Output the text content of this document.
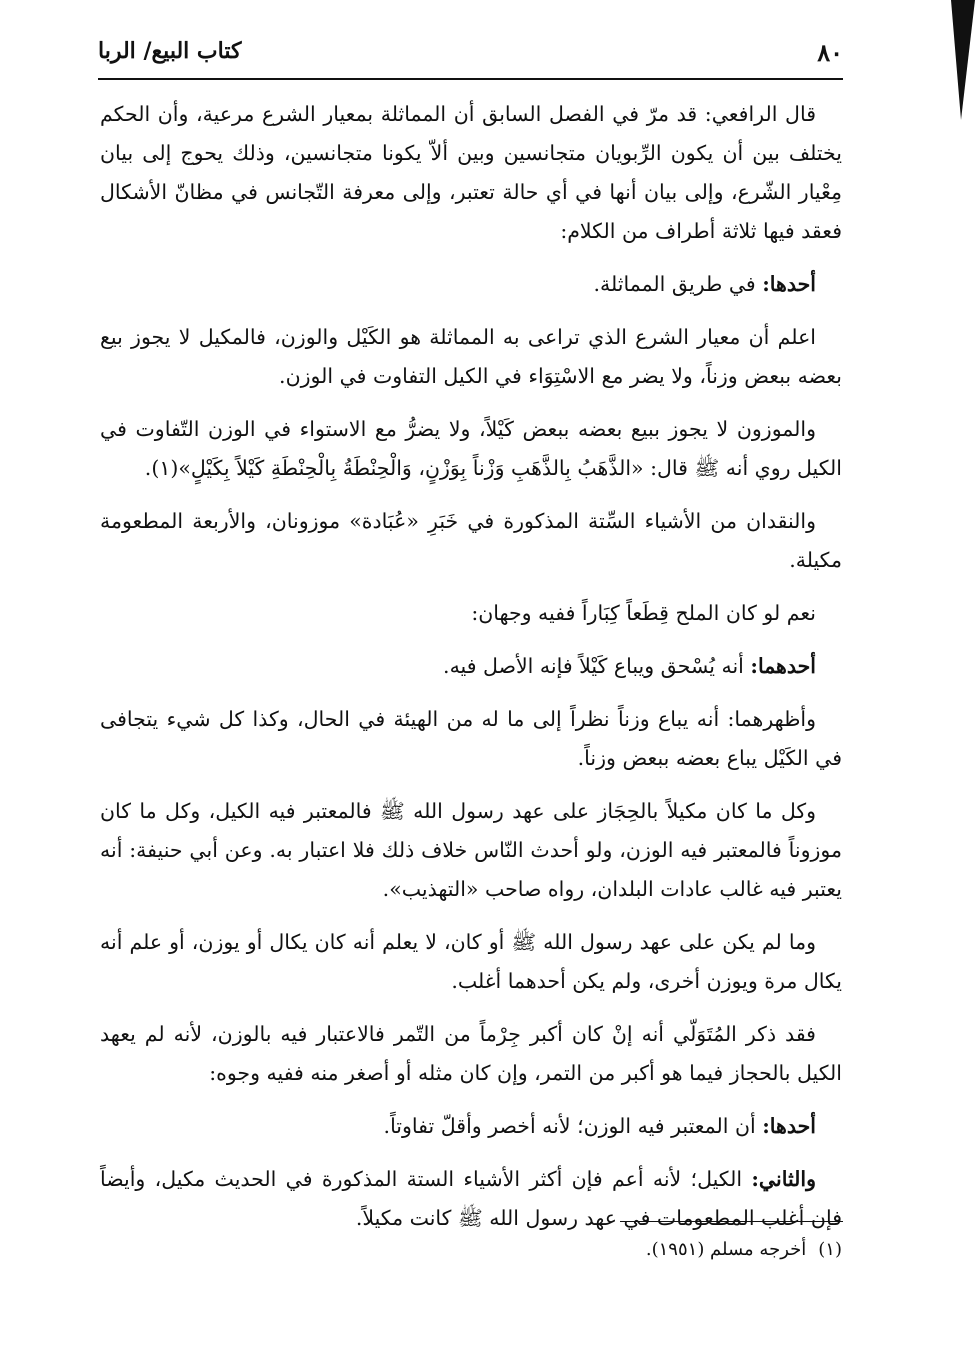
٨٠
كتاب البيع/ الربا

قال الرافعي: قد مرّ في الفصل السابق أن المماثلة بمعيار الشرع مرعية، وأن الحكم يختلف بين أن يكون الرِّبويان متجانسين وبين ألاّ يكونا متجانسين، وذلك يحوج إلى بيان مِعْيار الشّرع، وإلى بيان أنها في أي حالة تعتبر، وإلى معرفة التّجانس في مظانّ الأشكال فعقد فيها ثلاثة أطراف من الكلام:

أحدها: في طريق المماثلة.

اعلم أن معيار الشرع الذي تراعى به المماثلة هو الكَيْل والوزن، فالمكيل لا يجوز بيع بعضه ببعض وزناً، ولا يضر مع الاسْتِوَاء في الكيل التفاوت في الوزن.

والموزون لا يجوز ببيع بعضه ببعض كَيْلاً، ولا يضرُّ مع الاستواء في الوزن التّفاوت في الكيل روي أنه ﷺ قال: «الذَّهَبُ بِالذَّهَبِ وَزْناً بِوَزْنٍ، وَالْحِنْطَةُ بِالْحِنْطَةِ كَيْلاً بِكَيْلٍ»(١).

والنقدان من الأشياء السِّتة المذكورة في خَبَرِ «عُبَادة» موزونان، والأربعة المطعومة مكيلة.

نعم لو كان الملح قِطَعاً كِبَاراً ففيه وجهان:

أحدهما: أنه يُسْحق ويباع كَيْلاً فإنه الأصل فيه.

وأظهرهما: أنه يباع وزناً نظراً إلى ما له من الهيئة في الحال، وكذا كل شيء يتجافى في الكَيْل يباع بعضه ببعض وزناً.

وكل ما كان مكيلاً بالحِجَاز على عهد رسول الله ﷺ فالمعتبر فيه الكيل، وكل ما كان موزوناً فالمعتبر فيه الوزن، ولو أحدث النّاس خلاف ذلك فلا اعتبار به. وعن أبي حنيفة: أنه يعتبر فيه غالب عادات البلدان، رواه صاحب «التهذيب».

وما لم يكن على عهد رسول الله ﷺ أو كان، لا يعلم أنه كان يكال أو يوزن، أو علم أنه يكال مرة ويوزن أخرى، ولم يكن أحدهما أغلب.

فقد ذكر المُتَوَلّي أنه إنْ كان أكبر جِرْماً من التّمر فالاعتبار فيه بالوزن، لأنه لم يعهد الكيل بالحجاز فيما هو أكبر من التمر، وإن كان مثله أو أصغر منه ففيه وجوه:

أحدها: أن المعتبر فيه الوزن؛ لأنه أخصر وأقلّ تفاوتاً.

والثاني: الكيل؛ لأنه أعم فإن أكثر الأشياء الستة المذكورة في الحديث مكيل، وأيضاً فإن أغلب المطعومات في عهد رسول الله ﷺ كانت مكيلاً.

(١)أخرجه مسلم (١٩٥١).
